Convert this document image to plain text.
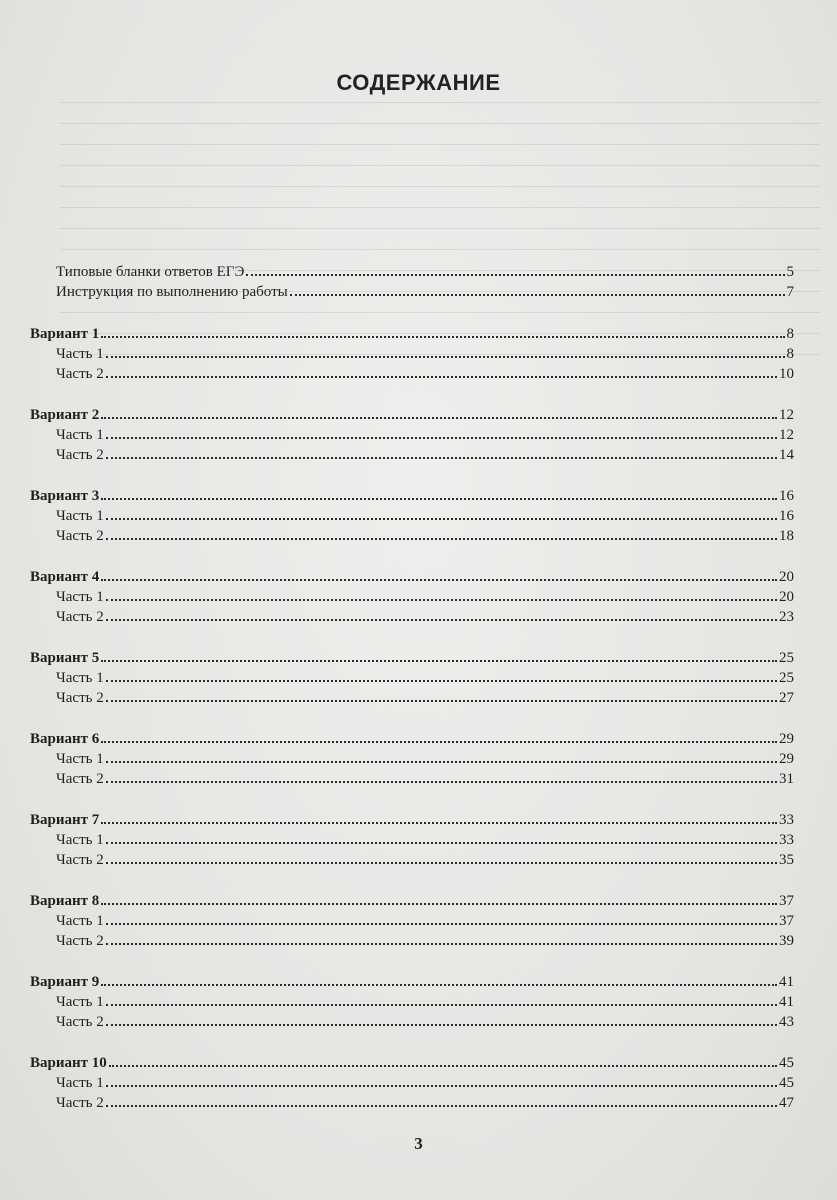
СОДЕРЖАНИЕ
Типовые бланки ответов ЕГЭ	5
Инструкция по выполнению работы	7
Вариант 1	8
Часть 1	8
Часть 2	10
Вариант 2	12
Часть 1	12
Часть 2	14
Вариант 3	16
Часть 1	16
Часть 2	18
Вариант 4	20
Часть 1	20
Часть 2	23
Вариант 5	25
Часть 1	25
Часть 2	27
Вариант 6	29
Часть 1	29
Часть 2	31
Вариант 7	33
Часть 1	33
Часть 2	35
Вариант 8	37
Часть 1	37
Часть 2	39
Вариант 9	41
Часть 1	41
Часть 2	43
Вариант 10	45
Часть 1	45
Часть 2	47
3
